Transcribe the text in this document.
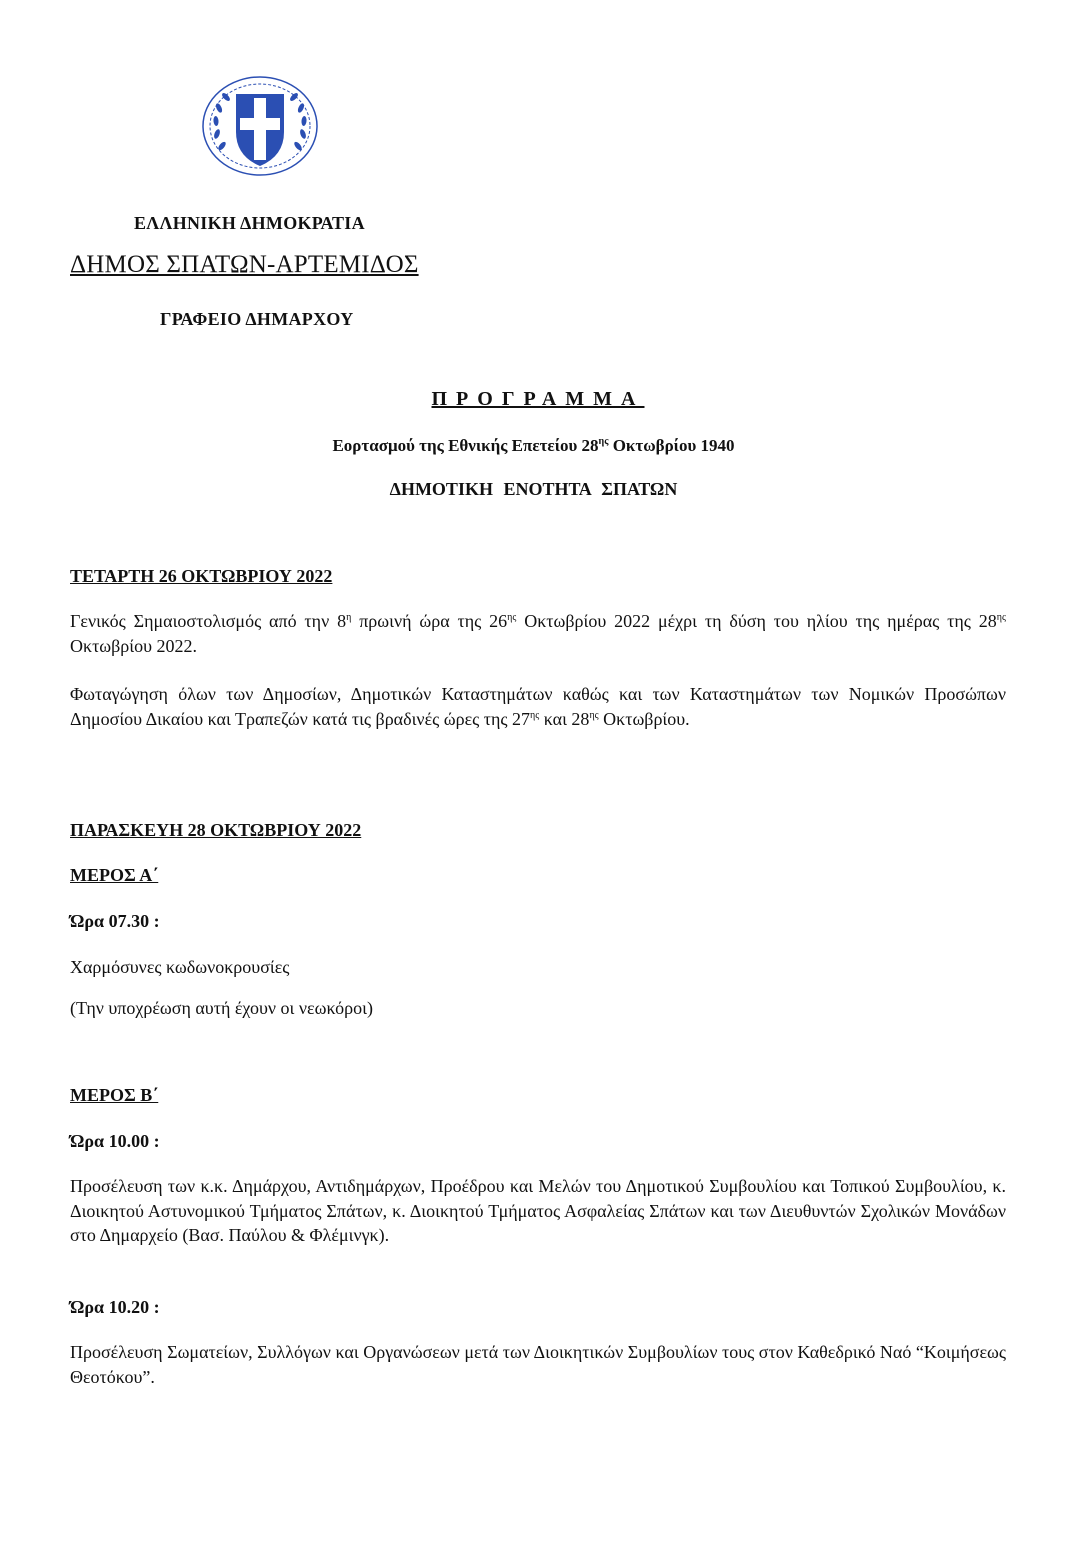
ΕΛΛΗΝΙΚΗ ΔΗΜΟΚΡΑΤΙΑ
ΔΗΜΟΣ ΣΠΑΤΩΝ-ΑΡΤΕΜΙΔΟΣ
ΓΡΑΦΕΙΟ ΔΗΜΑΡΧΟΥ
ΠΡΟΓΡΑΜΜΑ
Εορτασμού της Εθνικής Επετείου $28^{\eta\varsigma}$ Οκτωβρίου 1940
ΔΗΜΟΤΙΚΗ ΕΝΟΤΗΤΑ ΣΠΑΤΩΝ
ΤΕΤΑΡΤΗ 26 ΟΚΤΩΒΡΙΟΥ 2022
Γενικός Σημαιοστολισμός από την $8^\eta$ πρωινή ώρα της $26^{\eta\varsigma}$ Οκτωβρίου 2022 μέχρι τη δύση του ηλίου της ημέρας της $28^{\eta\varsigma}$ Οκτωβρίου 2022.
Φωταγώγηση όλων των Δημοσίων, Δημοτικών Καταστημάτων καθώς και των Καταστημάτων των Νομικών Προσώπων Δημοσίου Δικαίου και Τραπεζών κατά τις βραδινές ώρες της $27^{\eta\varsigma}$ και $28^{\eta\varsigma}$ Οκτωβρίου.
ΠΑΡΑΣΚΕΥΗ 28 ΟΚΤΩΒΡΙΟΥ 2022
ΜΕΡΟΣ Α΄
Ώρα 07.30 :
Χαρμόσυνες κωδωνοκρουσίες
(Την υποχρέωση αυτή έχουν οι νεωκόροι)
ΜΕΡΟΣ Β΄
Ώρα 10.00 :
Προσέλευση των κ.κ. Δημάρχου, Αντιδημάρχων, Προέδρου και Μελών του Δημοτικού Συμβουλίου και Τοπικού Συμβουλίου, κ. Διοικητού Αστυνομικού Τμήματος Σπάτων, κ. Διοικητού Τμήματος Ασφαλείας Σπάτων και των Διευθυντών Σχολικών Μονάδων στο Δημαρχείο (Βασ. Παύλου & Φλέμινγκ).
Ώρα 10.20 :
Προσέλευση Σωματείων, Συλλόγων και Οργανώσεων μετά των Διοικητικών Συμβουλίων τους στον Καθεδρικό Ναό “Κοιμήσεως Θεοτόκου”.
